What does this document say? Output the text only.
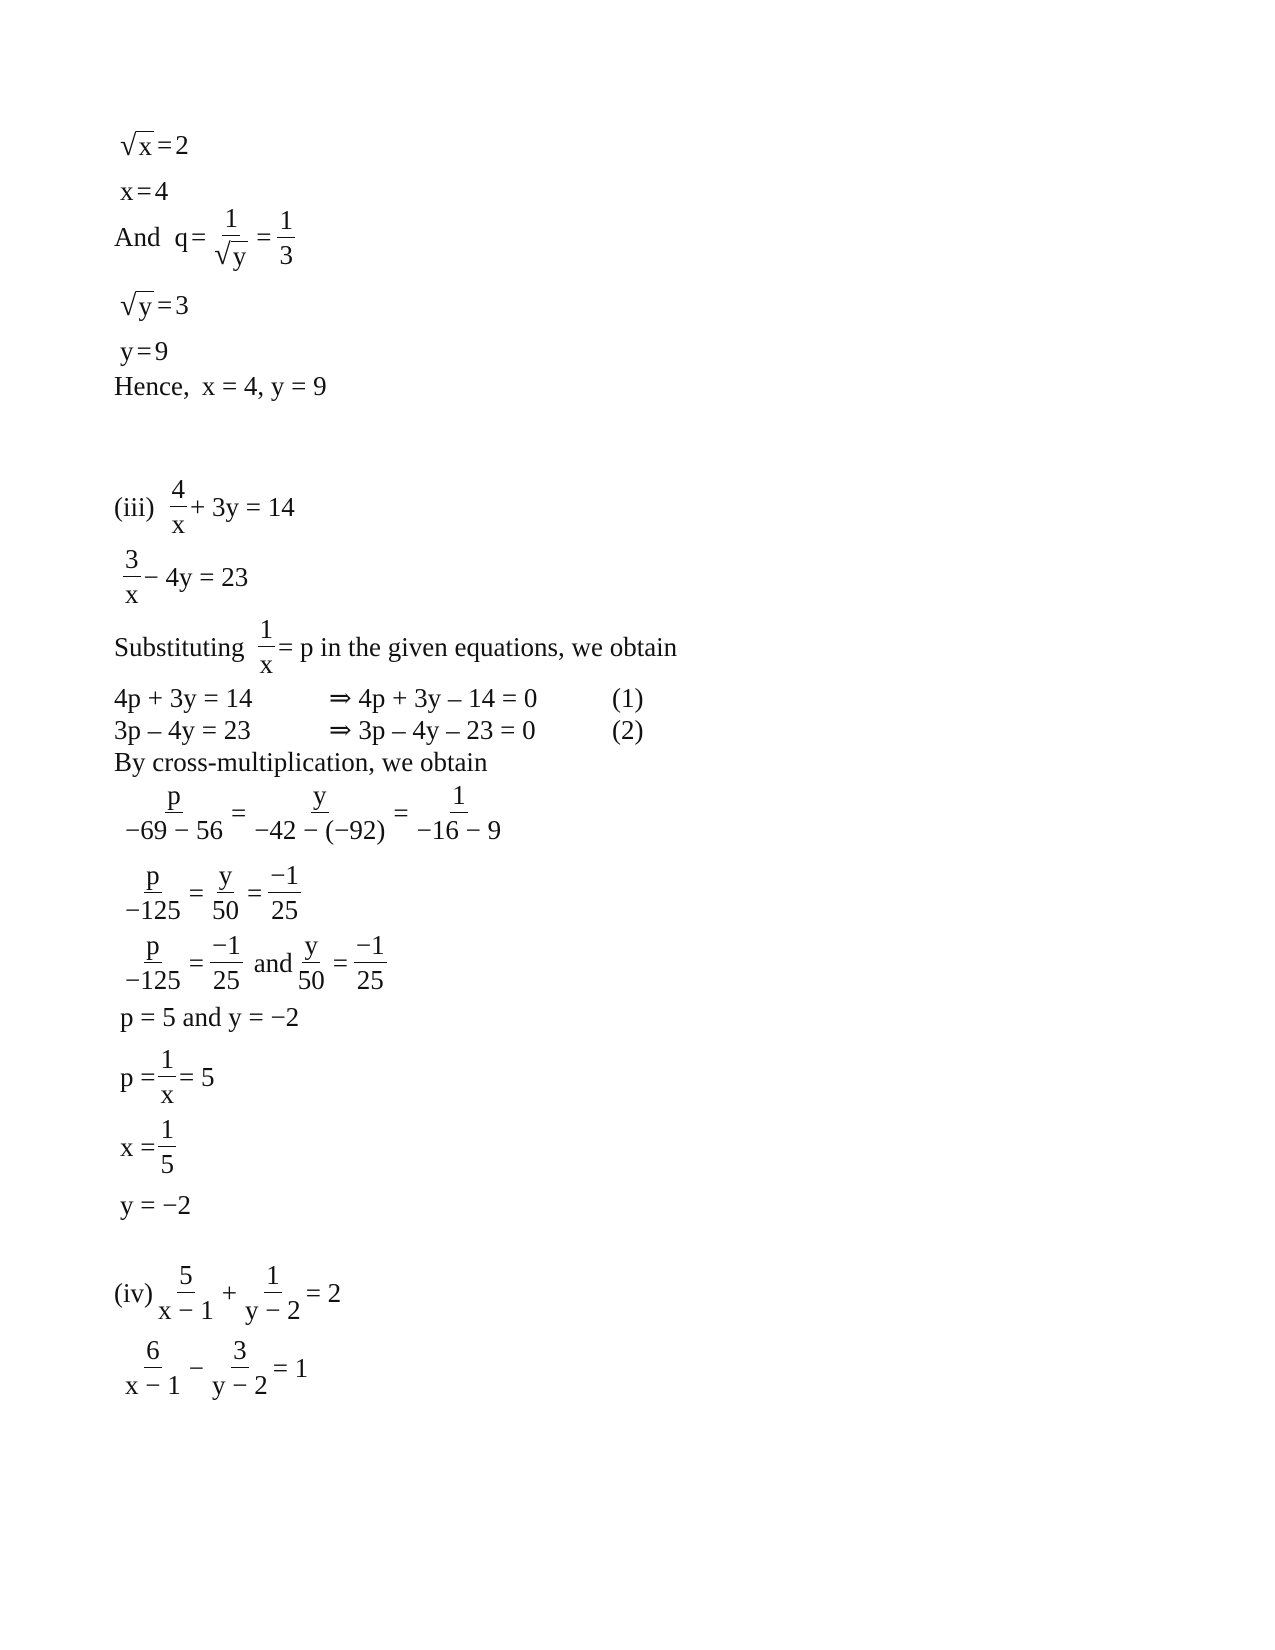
√ x = 2
x = 4
And $q = \frac{1}{√ y} = \frac{1}{3}$
√ y = 3
y = 9
Hence, x = 4, y = 9
$(iii) \frac{4}{x} + 3y = 14$
$\frac{3}{x} - 4y = 23$
Substituting $\frac{1}{x} = p$ in the given equations, we obtain
4p + 3y = 14	⇒ 4p + 3y – 14 = 0	(1)
3p – 4y = 23	⇒ 3p – 4y – 23 = 0	(2)
By cross-multiplication, we obtain
$\frac{p}{-69 - 56} = \frac{y}{-42 - (-92)} = \frac{1}{-16 - 9}$
$\frac{p}{-125} = \frac{y}{50} = \frac{-1}{25}$
$\frac{p}{-125} = \frac{-1}{25}$ and $\frac{y}{50} = \frac{-1}{25}$
p = 5 and y = −2
$p = \frac{1}{x} = 5$
$x = \frac{1}{5}$
y = −2
$(iv) \frac{5}{x - 1} + \frac{1}{y - 2} = 2$
$\frac{6}{x - 1} - \frac{3}{y - 2} = 1$
